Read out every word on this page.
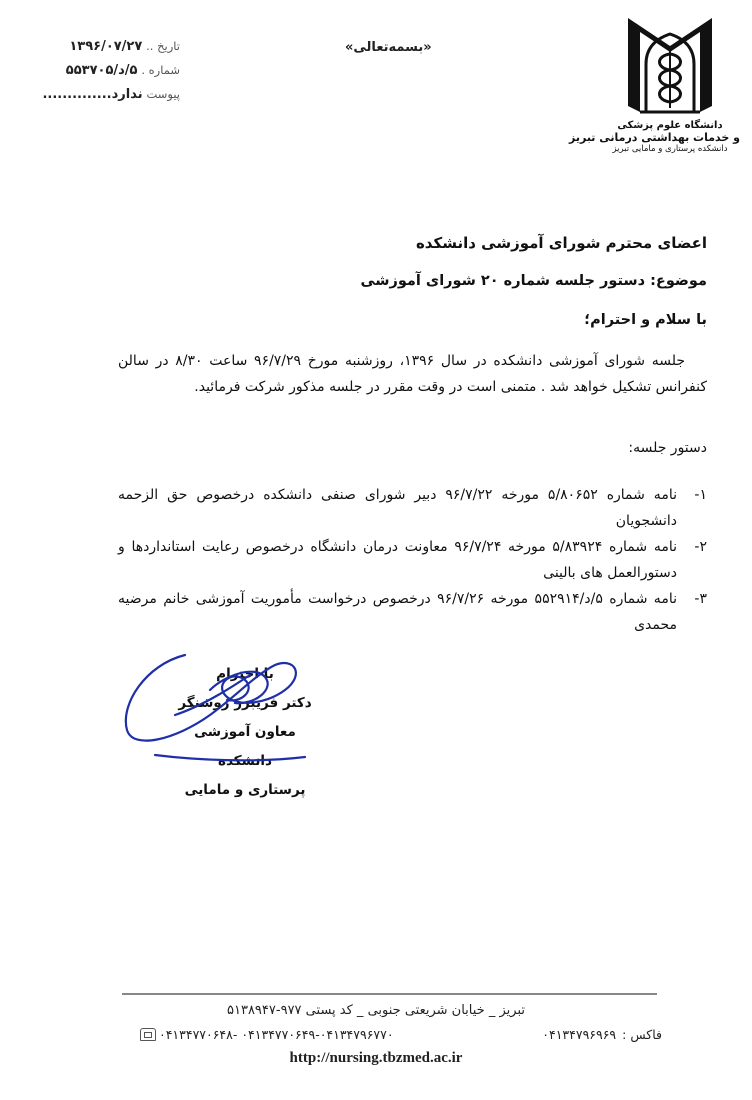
تاریخ .. ۱۳۹۶/۰۷/۲۷
شماره . ۵/د/۵۵۳۷۰۵
پیوست ندارد..............
«بسمه‌تعالی»
دانشگاه علوم پزشکی
و خدمات بهداشتی درمانی تبریز
دانشکده پرستاری و مامایی تبریز
اعضای محترم شورای آموزشی دانشکده
موضوع: دستور جلسه شماره ۲۰ شورای آموزشی
با سلام و احترام؛
جلسه شورای آموزشی دانشکده در سال ۱۳۹۶، روزشنبه مورخ ۹۶/۷/۲۹ ساعت ۸/۳۰ در سالن کنفرانس تشکیل خواهد شد . متمنی است در وقت مقرر در جلسه مذکور شرکت فرمائید.
دستور جلسه:
۱-
نامه شماره ۵/۸۰۶۵۲ مورخه ۹۶/۷/۲۲ دبیر شورای صنفی دانشکده درخصوص حق الزحمه دانشجویان
۲-
نامه شماره ۵/۸۳۹۲۴ مورخه ۹۶/۷/۲۴ معاونت درمان دانشگاه درخصوص رعایت استانداردها و دستورالعمل های بالینی
۳-
نامه شماره ۵/د/۵۵۲۹۱۴ مورخه ۹۶/۷/۲۶ درخصوص درخواست مأموریت آموزشی خانم مرضیه محمدی
با احترام
دکتر فریبرز روشنگر
معاون آموزشی دانشکده
پرستاری و مامایی
تبریز _ خیابان شریعتی جنوبی _ کد پستی ۹۷۷-۵۱۳۸۹۴۷
۰۴۱۳۴۷۷۰۶۴۸- ۰۴۱۳۴۷۷۰۶۴۹-۰۴۱۳۴۷۹۶۷۷۰	فاکس :
۰۴۱۳۴۷۹۶۹۶۹
http://nursing.tbzmed.ac.ir
